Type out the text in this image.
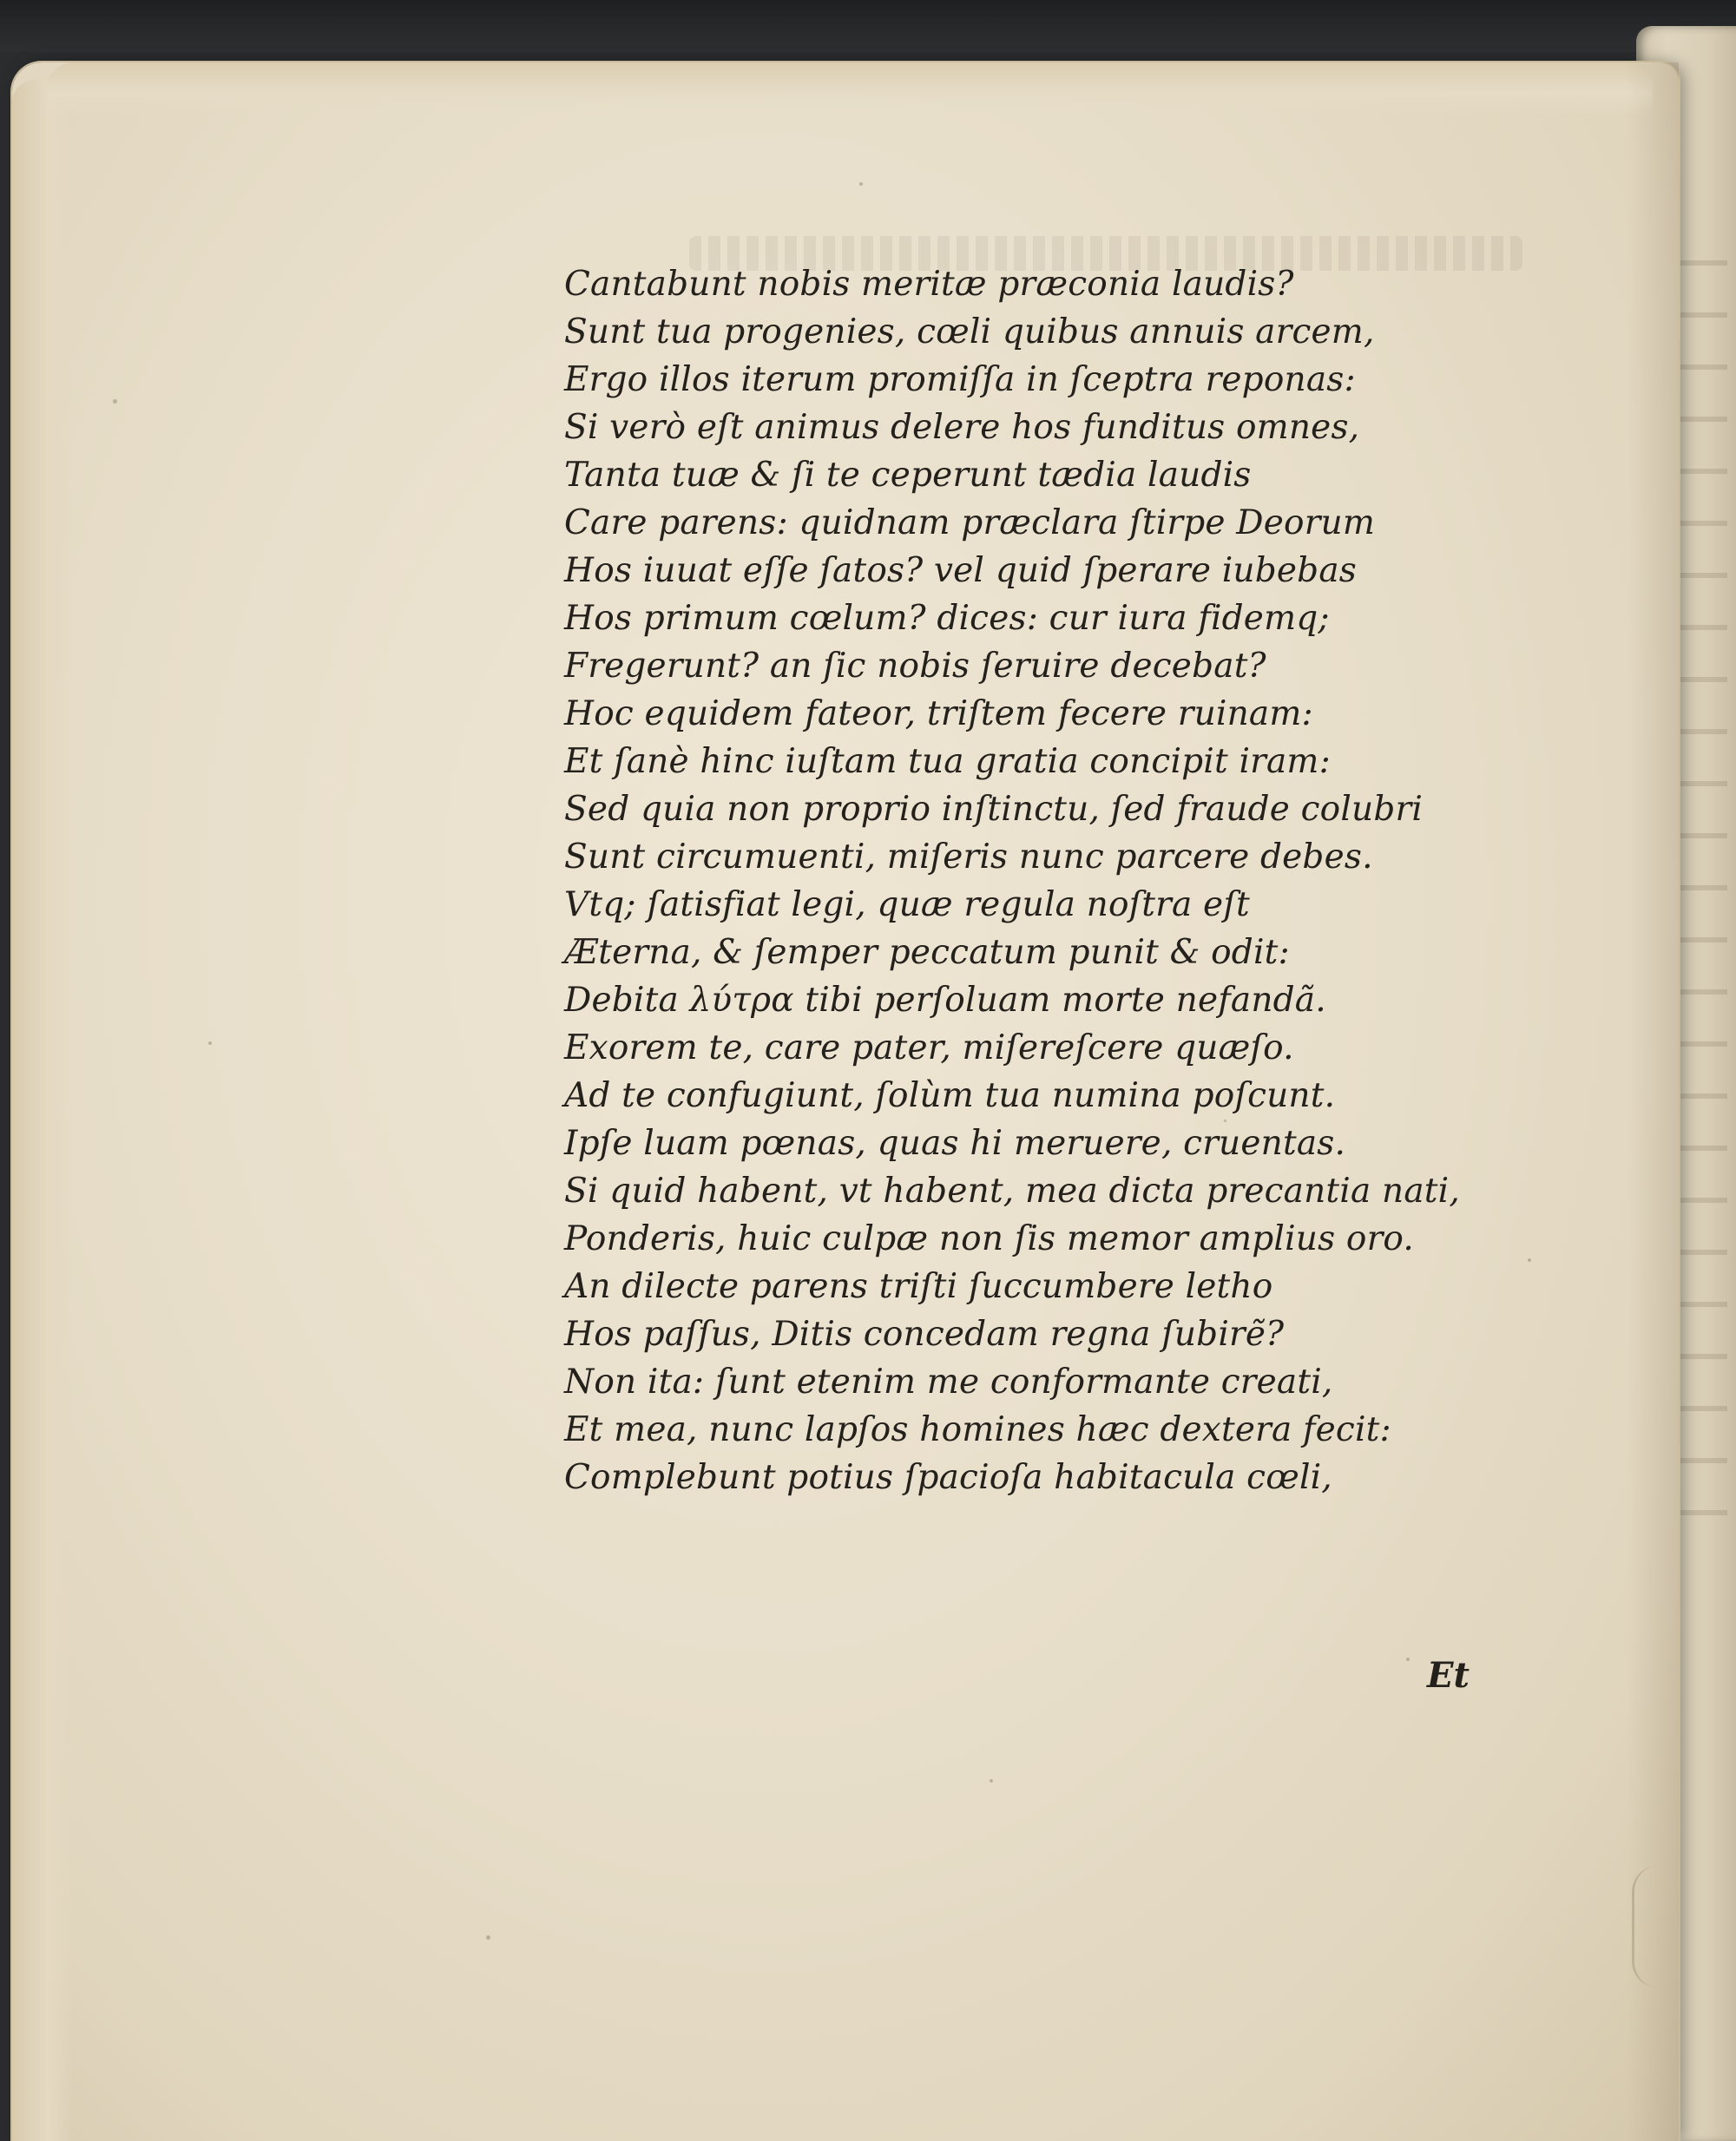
Cantabunt nobis meritæ præconia laudis?
Sunt tua progenies, cœli quibus annuis arcem,
Ergo illos iterum promiſſa in ſceptra reponas:
Si verò eſt animus delere hos funditus omnes,
Tanta tuæ & ſi te ceperunt tædia laudis
Care parens: quidnam præclara ſtirpe Deorum
Hos iuuat eſſe ſatos? vel quid ſperare iubebas
Hos primum cœlum? dices: cur iura fidemq;
Fregerunt? an ſic nobis ſeruire decebat?
Hoc equidem fateor, triſtem fecere ruinam:
Et ſanè hinc iuſtam tua gratia concipit iram:
Sed quia non proprio inſtinctu, ſed fraude colubri
Sunt circumuenti, miſeris nunc parcere debes.
Vtq; ſatisfiat legi, quæ regula noſtra eſt
Æterna, & ſemper peccatum punit & odit:
Debita λύτρα tibi perſoluam morte nefandã.
Exorem te, care pater, miſereſcere quæſo.
Ad te confugiunt, ſolùm tua numina poſcunt.
Ipſe luam pœnas, quas hi meruere, cruentas.
Si quid habent, vt habent, mea dicta precantia nati,
Ponderis, huic culpæ non ſis memor amplius oro.
An dilecte parens triſti ſuccumbere letho
Hos paſſus, Ditis concedam regna ſubirẽ?
Non ita: ſunt etenim me conformante creati,
Et mea, nunc lapſos homines hæc dextera fecit:
Complebunt potius ſpacioſa habitacula cœli,
Et
